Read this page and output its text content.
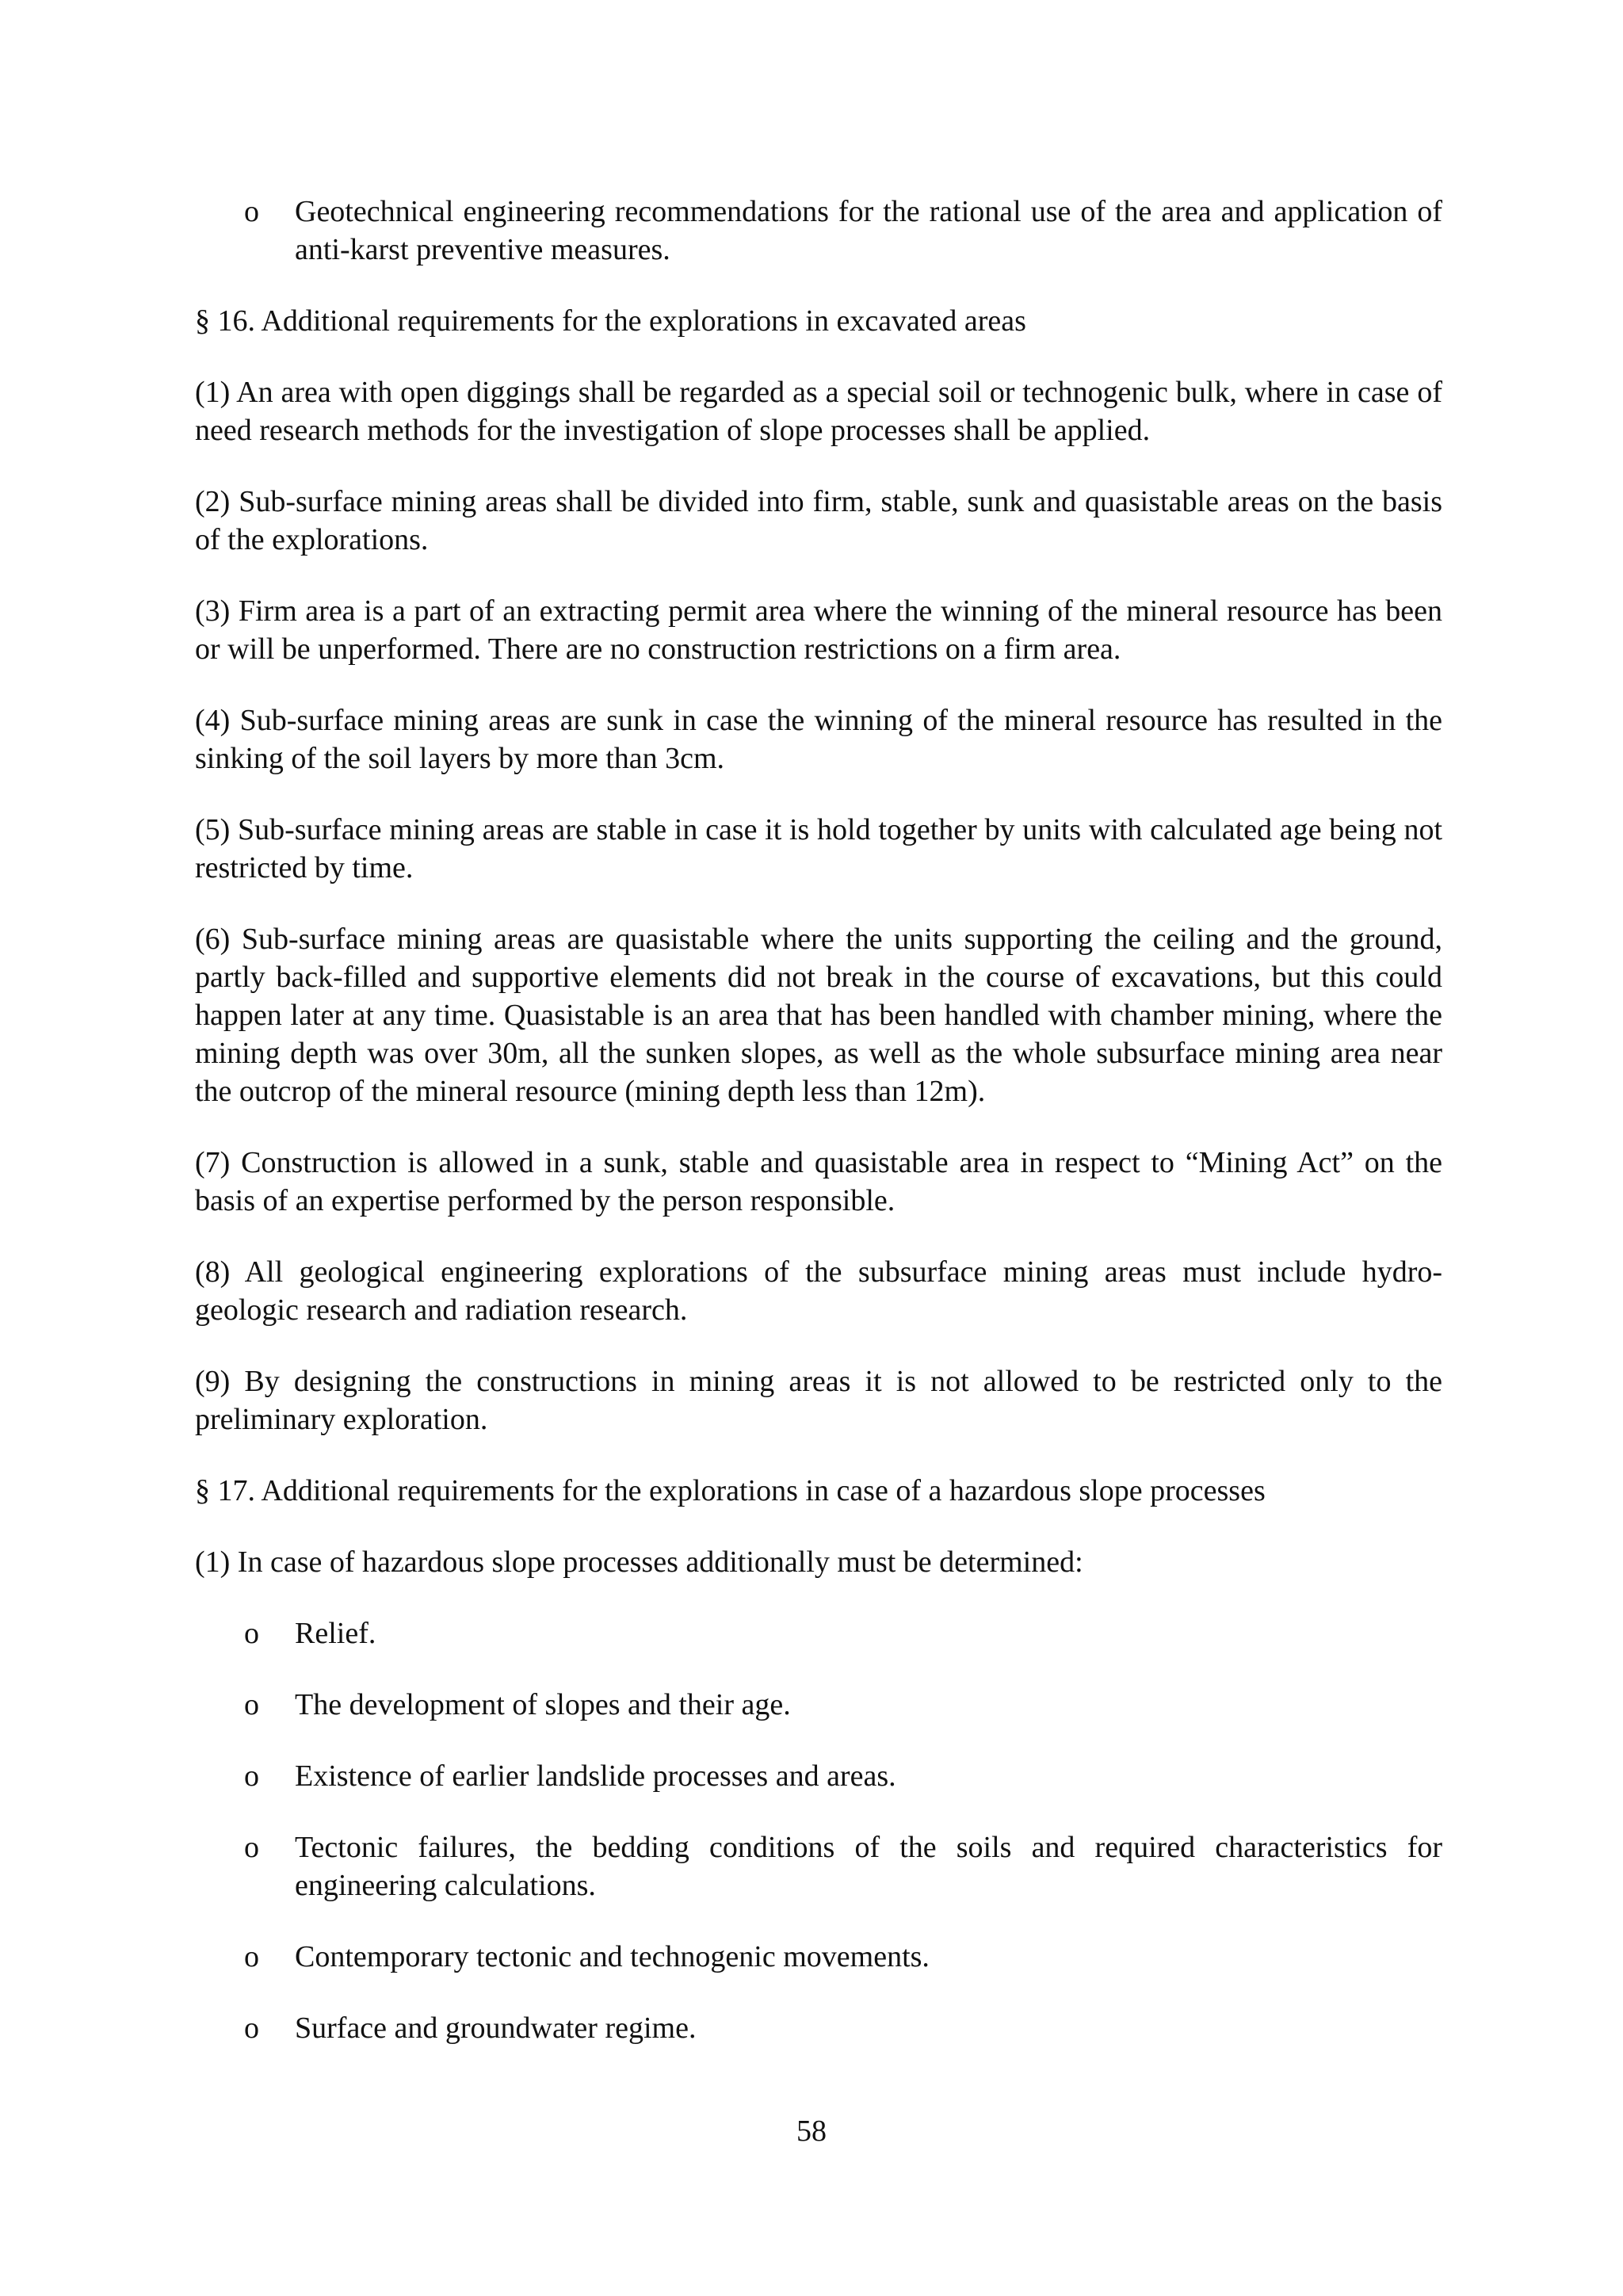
o Geotechnical engineering recommendations for the rational use of the area and application of anti-karst preventive measures.

§ 16. Additional requirements for the explorations in excavated areas

(1) An area with open diggings shall be regarded as a special soil or technogenic bulk, where in case of need research methods for the investigation of slope processes shall be applied.

(2) Sub-surface mining areas shall be divided into firm, stable, sunk and quasistable areas on the basis of the explorations.

(3) Firm area is a part of an extracting permit area where the winning of the mineral resource has been or will be unperformed. There are no construction restrictions on a firm area.

(4) Sub-surface mining areas are sunk in case the winning of the mineral resource has resulted in the sinking of the soil layers by more than 3cm.

(5) Sub-surface mining areas are stable in case it is hold together by units with calculated age being not restricted by time.

(6) Sub-surface mining areas are quasistable where the units supporting the ceiling and the ground, partly back-filled and supportive elements did not break in the course of excavations, but this could happen later at any time. Quasistable is an area that has been handled with chamber mining, where the mining depth was over 30m, all the sunken slopes, as well as the whole subsurface mining area near the outcrop of the mineral resource (mining depth less than 12m).

(7) Construction is allowed in a sunk, stable and quasistable area in respect to “Mining Act” on the basis of an expertise performed by the person responsible.

(8) All geological engineering explorations of the subsurface mining areas must include hydro-geologic research and radiation research.

(9) By designing the constructions in mining areas it is not allowed to be restricted only to the preliminary exploration.

§ 17. Additional requirements for the explorations in case of a hazardous slope processes

(1) In case of hazardous slope processes additionally must be determined:

o Relief.
o The development of slopes and their age.
o Existence of earlier landslide processes and areas.
o Tectonic failures, the bedding conditions of the soils and required characteristics for engineering calculations.
o Contemporary tectonic and technogenic movements.
o Surface and groundwater regime.
58
